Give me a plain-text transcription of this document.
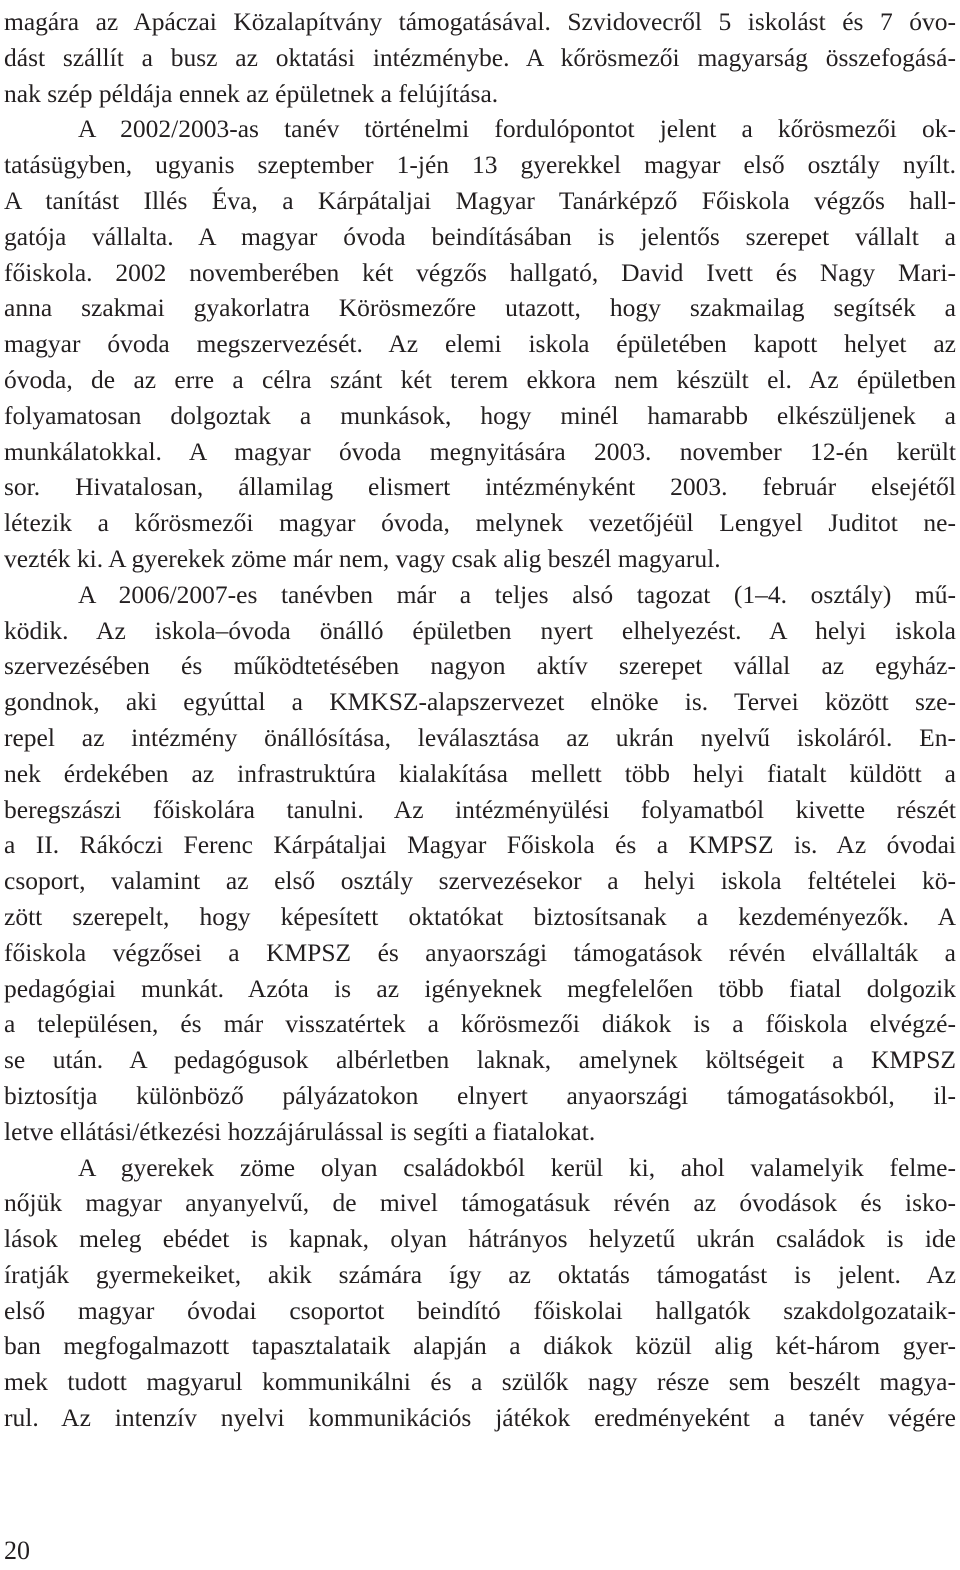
magára az Apáczai Közalapítvány támogatásával. Szvidovecről 5 iskolást és 7 óvo-
dást szállít a busz az oktatási intézménybe. A kőrösmezői magyarság összefogásá-
nak szép példája ennek az épületnek a felújítása.
A 2002/2003-as tanév történelmi fordulópontot jelent a kőrösmezői ok-
tatásügyben, ugyanis szeptember 1-jén 13 gyerekkel magyar első osztály nyílt.
A tanítást Illés Éva, a Kárpátaljai Magyar Tanárképző Főiskola végzős hall-
gatója vállalta. A magyar óvoda beindításában is jelentős szerepet vállalt a
főiskola. 2002 novemberében két végzős hallgató, David Ivett és Nagy Mari-
anna szakmai gyakorlatra Körösmezőre utazott, hogy szakmailag segítsék a
magyar óvoda megszervezését. Az elemi iskola épületében kapott helyet az
óvoda, de az erre a célra szánt két terem ekkora nem készült el. Az épületben
folyamatosan dolgoztak a munkások, hogy minél hamarabb elkészüljenek a
munkálatokkal. A magyar óvoda megnyitására 2003. november 12-én került
sor. Hivatalosan, államilag elismert intézményként 2003. február elsejétől
létezik a kőrösmezői magyar óvoda, melynek vezetőjéül Lengyel Juditot ne-
vezték ki. A gyerekek zöme már nem, vagy csak alig beszél magyarul.
A 2006/2007-es tanévben már a teljes alsó tagozat (1–4. osztály) mű-
ködik. Az iskola–óvoda önálló épületben nyert elhelyezést. A helyi iskola
szervezésében és működtetésében nagyon aktív szerepet vállal az egyház-
gondnok, aki egyúttal a KMKSZ-alapszervezet elnöke is. Tervei között sze-
repel az intézmény önállósítása, leválasztása az ukrán nyelvű iskoláról. En-
nek érdekében az infrastruktúra kialakítása mellett több helyi fiatalt küldött a
beregszászi főiskolára tanulni. Az intézményülési folyamatból kivette részét
a II. Rákóczi Ferenc Kárpátaljai Magyar Főiskola és a KMPSZ is. Az óvodai
csoport, valamint az első osztály szervezésekor a helyi iskola feltételei kö-
zött szerepelt, hogy képesített oktatókat biztosítsanak a kezdeményezők. A
főiskola végzősei a KMPSZ és anyaországi támogatások révén elvállalták a
pedagógiai munkát. Azóta is az igényeknek megfelelően több fiatal dolgozik
a településen, és már visszatértek a kőrösmezői diákok is a főiskola elvégzé-
se után. A pedagógusok albérletben laknak, amelynek költségeit a KMPSZ
biztosítja különböző pályázatokon elnyert anyaországi támogatásokból, il-
letve ellátási/étkezési hozzájárulással is segíti a fiatalokat.
A gyerekek zöme olyan családokból kerül ki, ahol valamelyik felme-
nőjük magyar anyanyelvű, de mivel támogatásuk révén az óvodások és isko-
lások meleg ebédet is kapnak, olyan hátrányos helyzetű ukrán családok is ide
íratják gyermekeiket, akik számára így az oktatás támogatást is jelent. Az
első magyar óvodai csoportot beindító főiskolai hallgatók szakdolgozataik-
ban megfogalmazott tapasztalataik alapján a diákok közül alig két-három gyer-
mek tudott magyarul kommunikálni és a szülők nagy része sem beszélt magya-
rul. Az intenzív nyelvi kommunikációs játékok eredményeként a tanév végére
20
